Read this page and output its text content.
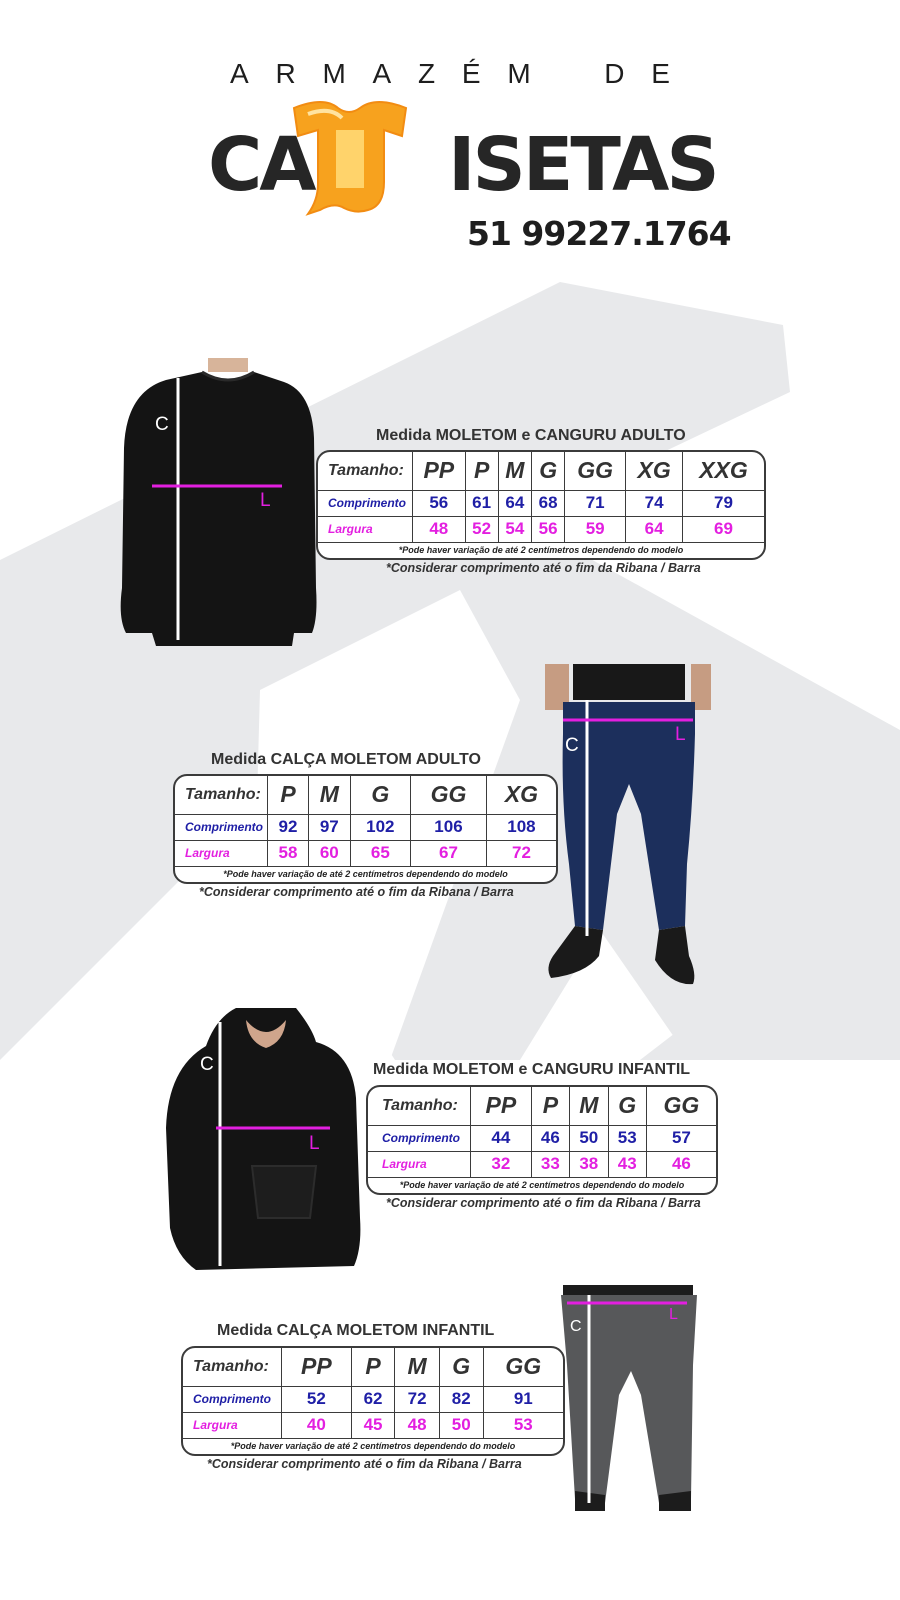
A R M A Z É M	D E
CA ISETAS
51 99227.1764
C
L
Medida MOLETOM e CANGURU ADULTO
Tamanho:	PP	P	M	G	GG	XG	XXG
Comprimento	56	61	64	68	71	74	79
Largura	48	52	54	56	59	64	69
*Pode haver variação de até 2 centímetros dependendo do modelo							
*Considerar comprimento até o fim da Ribana / Barra
C
L
Medida CALÇA MOLETOM ADULTO
Tamanho:	P	M	G	GG	XG
Comprimento	92	97	102	106	108
Largura	58	60	65	67	72
*Pode haver variação de até 2 centímetros dependendo do modelo					
*Considerar comprimento até o fim da Ribana / Barra
C
L
Medida MOLETOM e CANGURU INFANTIL
Tamanho:	PP	P	M	G	GG
Comprimento	44	46	50	53	57
Largura	32	33	38	43	46
*Pode haver variação de até 2 centímetros dependendo do modelo					
*Considerar comprimento até o fim da Ribana / Barra
C
L
Medida CALÇA MOLETOM INFANTIL
Tamanho:	PP	P	M	G	GG
Comprimento	52	62	72	82	91
Largura	40	45	48	50	53
*Pode haver variação de até 2 centímetros dependendo do modelo					
*Considerar comprimento até o fim da Ribana / Barra
